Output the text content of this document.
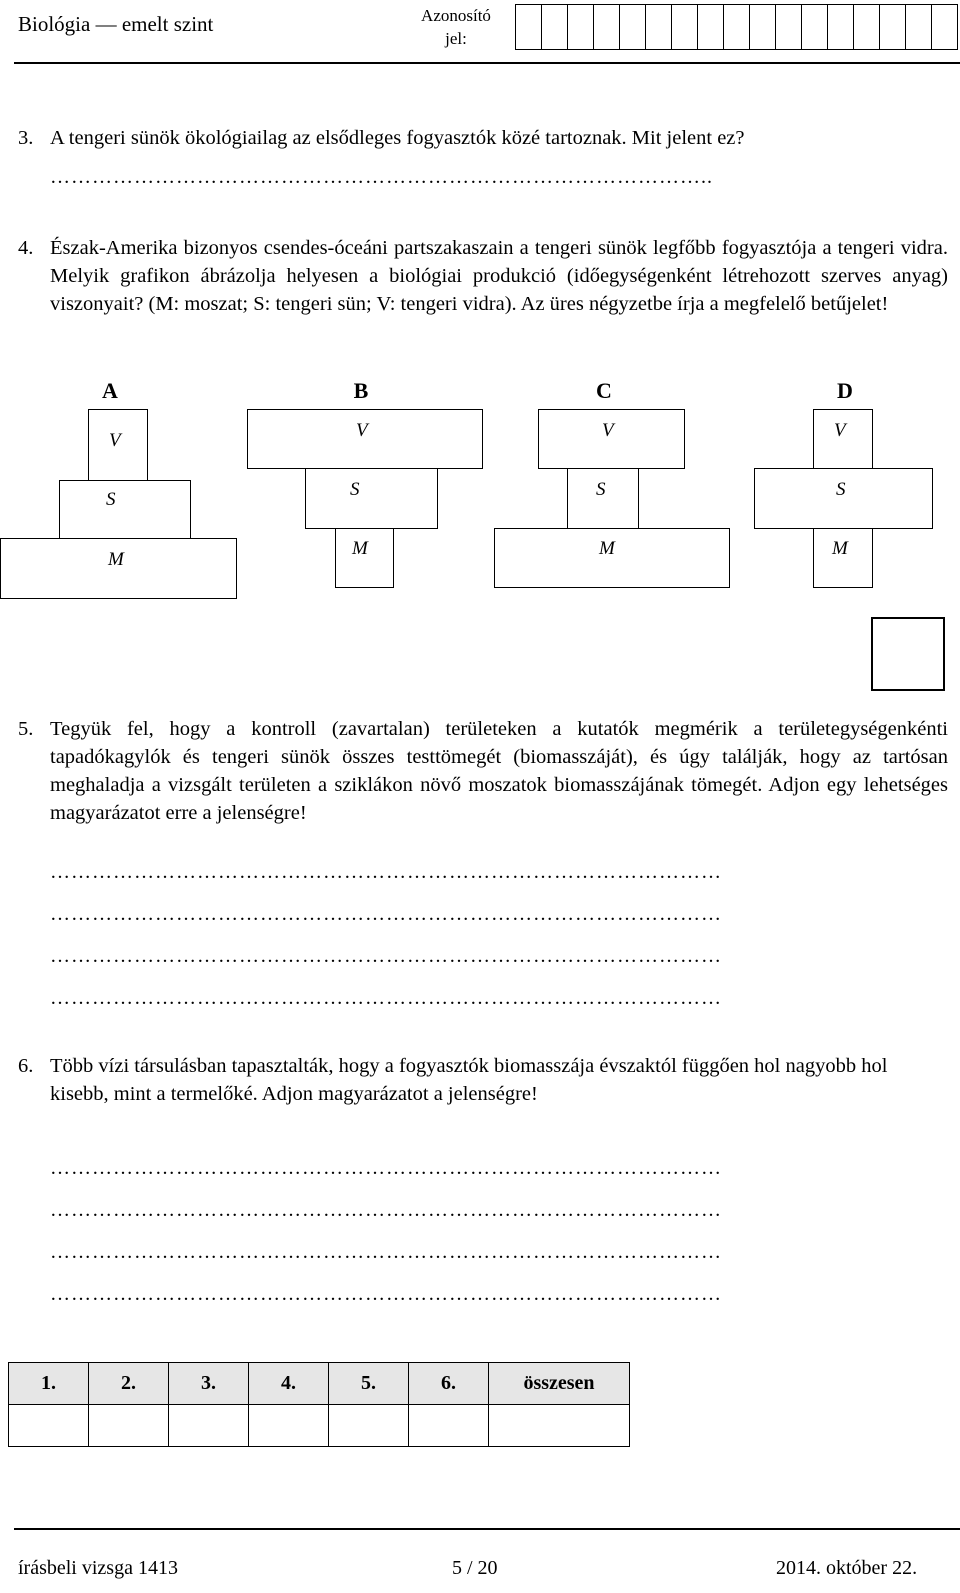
Biológia — emelt szint	Azonosító
jel:
3. A tengeri sünök ökológiailag az elsődleges fogyasztók közé tartoznak. Mit jelent ez?
…………………………………………………………………………………..
4. Észak-Amerika bizonyos csendes-óceáni partszakaszain a tengeri sünök legfőbb fogyasztója a tengeri vidra. Melyik grafikon ábrázolja helyesen a biológiai produkció (időegységenként létrehozott szerves anyag) viszonyait? (M: moszat; S: tengeri sün; V: tengeri vidra). Az üres négyzetbe írja a megfelelő betűjelet!
A	B	C	D
V
S
M
V
S
M
V
S
M
V
S
M
5. Tegyük fel, hogy a kontroll (zavartalan) területeken a kutatók megmérik a területegységenkénti tapadókagylók és tengeri sünök összes testtömegét (biomasszáját), és úgy találják, hogy az tartósan meghaladja a vizsgált területen a sziklákon növő moszatok biomasszájának tömegét. Adjon egy lehetséges magyarázatot erre a jelenségre!
……………………………………………………………………………………
……………………………………………………………………………………
……………………………………………………………………………………
……………………………………………………………………………………
6. Több vízi társulásban tapasztalták, hogy a fogyasztók biomasszája évszaktól függően hol nagyobb hol kisebb, mint a termelőké. Adjon magyarázatot a jelenségre!
……………………………………………………………………………………
……………………………………………………………………………………
……………………………………………………………………………………
……………………………………………………………………………………
1.	2.	3.	4.	5.	6.	összesen

írásbeli vizsga 1413	5 / 20	2014. október 22.
